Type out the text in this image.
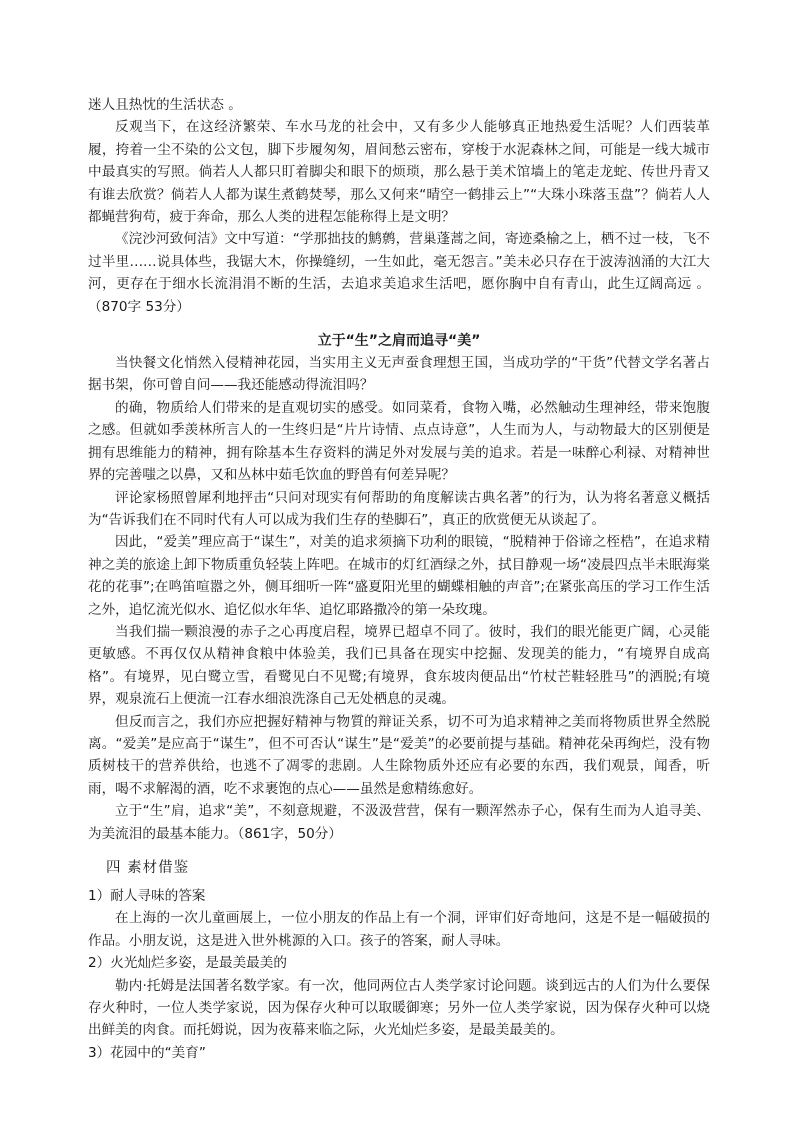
迷人且热忱的生活状态 。

反观当下，在这经济繁荣、车水马龙的社会中，又有多少人能够真正地热爱生活呢？人们西装革履，挎着一尘不染的公文包，脚下步履匆匆，眉间愁云密布，穿梭于水泥森林之间，可能是一线大城市中最真实的写照。倘若人人都只盯着脚尖和眼下的烦琐，那么悬于美术馆墙上的笔走龙蛇、传世丹青又有谁去欣赏？倘若人人都为谋生煮鹤焚琴，那么又何来“晴空一鹤排云上”“大珠小珠落玉盘”？倘若人人都蝇营狗苟，疲于奔命，那么人类的进程怎能称得上是文明？

《浣沙河致何洁》文中写道：“学那拙技的鹪鹩，营巢蓬蒿之间，寄迹桑榆之上，栖不过一枝，飞不过半里……说具体些，我锯大木，你操缝纫，一生如此，毫无怨言。”美未必只存在于波涛汹涌的大江大河，更存在于细水长流涓涓不断的生活，去追求美追求生活吧，愿你胸中自有青山，此生辽阔高远 。（870字 53分）

立于“生”之肩而追寻“美”

当快餐文化悄然入侵精神花园，当实用主义无声蚕食理想王国，当成功学的“干货”代替文学名著占据书架，你可曾自问——我还能感动得流泪吗？

的确，物质给人们带来的是直观切实的感受。如同菜肴，食物入嘴，必然触动生理神经，带来饱腹之感。但就如季羡林所言人的一生终归是“片片诗情、点点诗意”，人生而为人，与动物最大的区别便是拥有思维能力的精神，拥有除基本生存资料的满足外对发展与美的追求。若是一味醉心利禄、对精神世界的完善嗤之以鼻，又和丛林中茹毛饮血的野兽有何差异呢？

评论家杨照曾犀利地抨击“只问对现实有何帮助的角度解读古典名著”的行为，认为将名著意义概括为“告诉我们在不同时代有人可以成为我们生存的垫脚石”，真正的欣赏便无从谈起了。

因此，“爱美”理应高于“谋生”，对美的追求须摘下功利的眼镜，“脱精神于俗谛之桎梏”，在追求精神之美的旅途上卸下物质重负轻装上阵吧。在城市的灯红酒绿之外，拭目静观一场“凌晨四点半未眠海棠花的花事”;在鸣笛喧嚣之外，侧耳细听一阵“盛夏阳光里的蝴蝶相触的声音”;在紧张高压的学习工作生活之外，追忆流光似水、追忆似水年华、追忆耶路撒冷的第一朵玫瑰。

当我们揣一颗浪漫的赤子之心再度启程，境界已超卓不同了。彼时，我们的眼光能更广阔，心灵能更敏感。不再仅仅从精神食粮中体验美，我们已具备在现实中挖掘、发现美的能力，“有境界自成高格”。有境界，见白鹭立雪，看鹭见白不见鹭;有境界，食东坡肉便品出“竹杖芒鞋轻胜马”的洒脱;有境界，观泉流石上便流一江春水细浪洗涤自己无处栖息的灵魂。

但反而言之，我们亦应把握好精神与物質的辩证关系，切不可为追求精神之美而将物质世界全然脱离。“爱美”是应高于“谋生”，但不可否认“谋生”是“爱美”的必要前提与基础。精神花朵再绚烂，没有物质树枝干的营养供给，也逃不了凋零的悲剧。人生除物质外还应有必要的东西，我们观景，闻香，听雨，喝不求解渴的酒，吃不求裹饱的点心——虽然是愈精练愈好。

立于“生”肩，追求“美”，不刻意规避，不汲汲营营，保有一颗浑然赤子心，保有生而为人追寻美、为美流泪的最基本能力。（861字，50分）

四 素材借鉴

1）耐人寻味的答案

在上海的一次儿童画展上，一位小朋友的作品上有一个洞，评审们好奇地问，这是不是一幅破损的作品。小朋友说，这是进入世外桃源的入口。孩子的答案，耐人寻味。

2）火光灿烂多姿，是最美最美的

勒内·托姆是法国著名数学家。有一次，他同两位古人类学家讨论问题。谈到远古的人们为什么要保存火种时，一位人类学家说，因为保存火种可以取暖御寒；另外一位人类学家说，因为保存火种可以烧出鲜美的肉食。而托姆说，因为夜幕来临之际，火光灿烂多姿，是最美最美的。

3）花园中的“美育”
